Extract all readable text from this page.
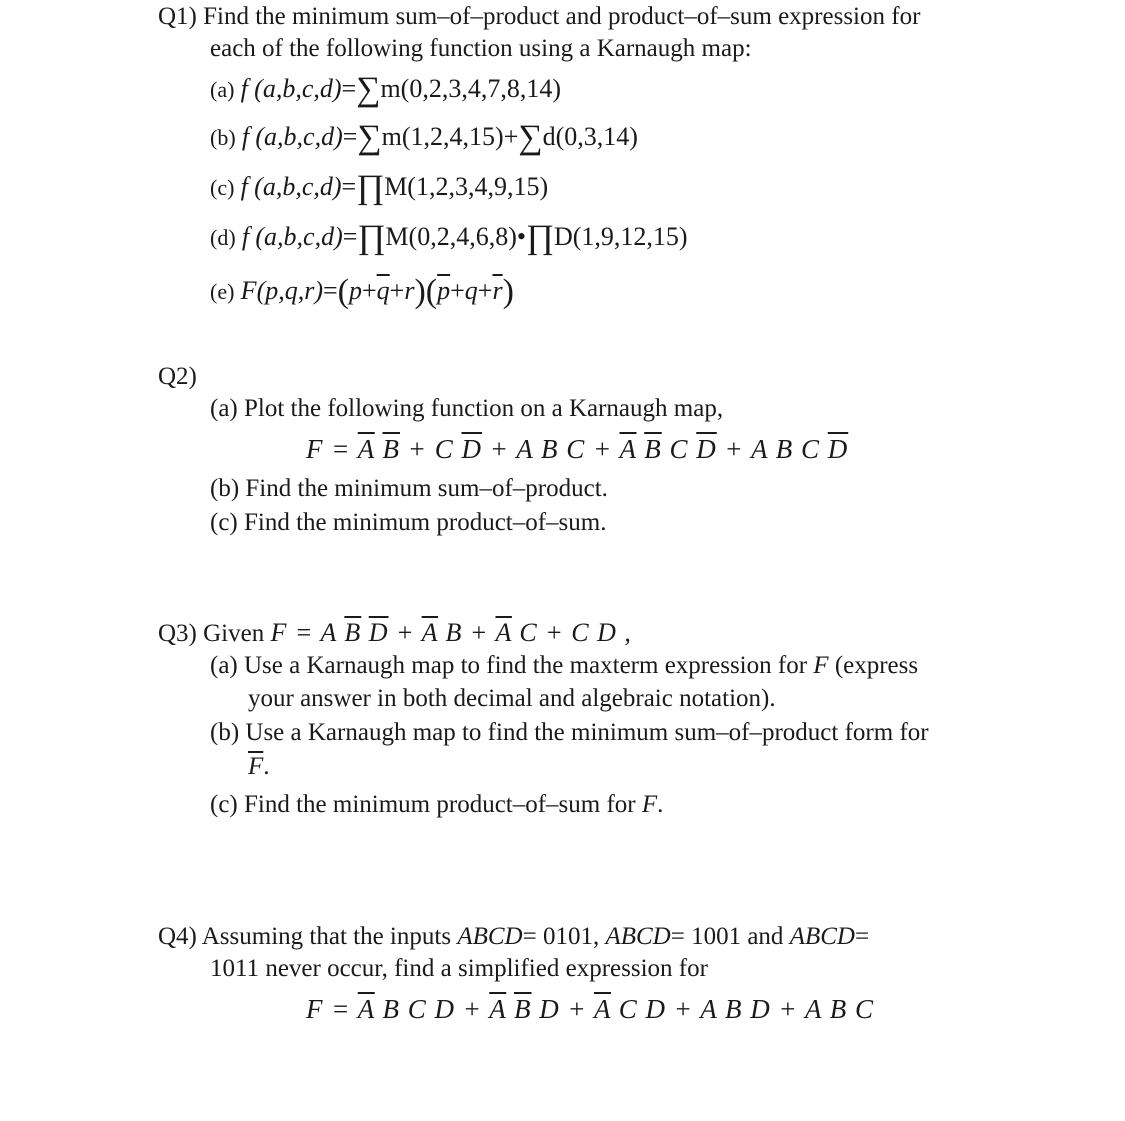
Q1) Find the minimum sum–of–product and product–of–sum expression for
each of the following function using a Karnaugh map:
(a) f (a,b,c,d)=∑m(0,2,3,4,7,8,14)
(b) f (a,b,c,d)=∑m(1,2,4,15)+∑d(0,3,14)
(c) f (a,b,c,d)=∏M(1,2,3,4,9,15)
(d) f (a,b,c,d)=∏M(0,2,4,6,8)•∏D(1,9,12,15)
(e) $F(p,q,r)=(p+\overline{q}+r)(\overline{p}+q+\overline{r})$
Q2)
(a) Plot the following function on a Karnaugh map,
$F = \overline{A}$ $\overline{B} + C$ $\overline{D} + A$ B $C + \overline{A}$ $\overline{B}$ C $\overline{D} + A$ B C $\overline{D}$
(b) Find the minimum sum–of–product.
(c) Find the minimum product–of–sum.
Q3) Given F = A $\overline{B}$ $\overline{D} + \overline{A}$ $B + \overline{A}$ C + C D ,
(a) Use a Karnaugh map to find the maxterm expression for F (express
your answer in both decimal and algebraic notation).
(b) Use a Karnaugh map to find the minimum sum–of–product form for
$\overline{F}$.
(c) Find the minimum product–of–sum for F.
Q4) Assuming that the inputs ABCD= 0101, ABCD= 1001 and ABCD=
1011 never occur, find a simplified expression for
$F = \overline{A}$ B C $D + \overline{A}$ $\overline{B}$ $D + \overline{A}$ C D + A B D + A B C
